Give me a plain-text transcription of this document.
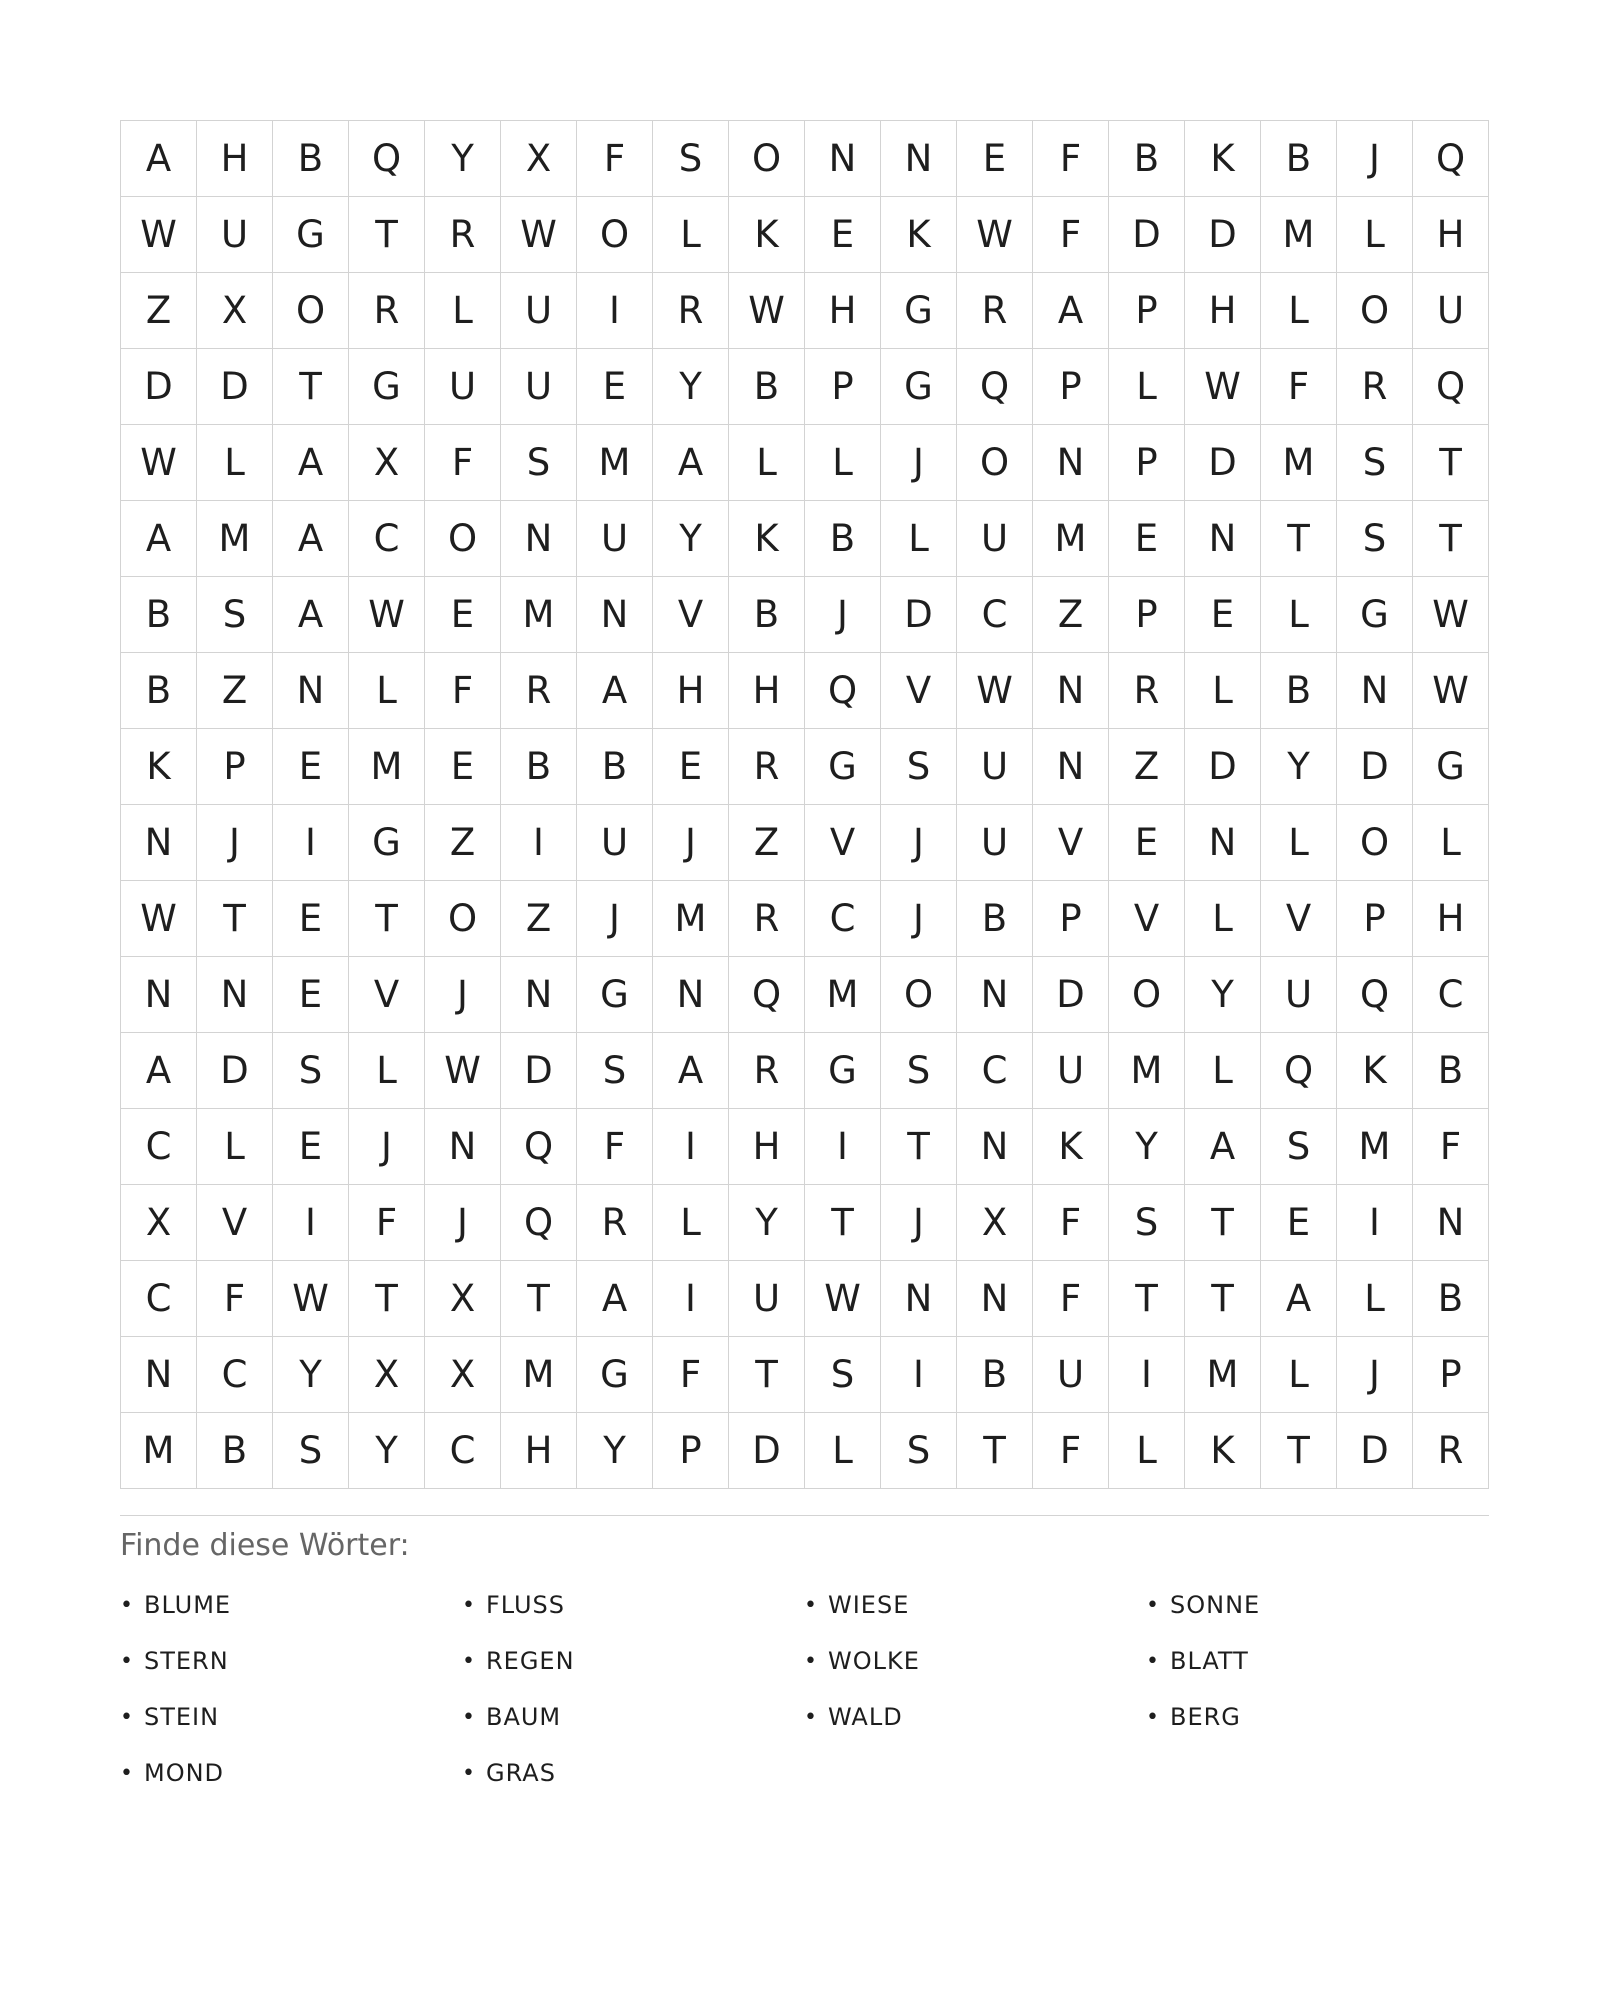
A	H	B	Q	Y	X	F	S	O	N	N	E	F	B	K	B	J	Q
W	U	G	T	R	W	O	L	K	E	K	W	F	D	D	M	L	H
Z	X	O	R	L	U	I	R	W	H	G	R	A	P	H	L	O	U
D	D	T	G	U	U	E	Y	B	P	G	Q	P	L	W	F	R	Q
W	L	A	X	F	S	M	A	L	L	J	O	N	P	D	M	S	T
A	M	A	C	O	N	U	Y	K	B	L	U	M	E	N	T	S	T
B	S	A	W	E	M	N	V	B	J	D	C	Z	P	E	L	G	W
B	Z	N	L	F	R	A	H	H	Q	V	W	N	R	L	B	N	W
K	P	E	M	E	B	B	E	R	G	S	U	N	Z	D	Y	D	G
N	J	I	G	Z	I	U	J	Z	V	J	U	V	E	N	L	O	L
W	T	E	T	O	Z	J	M	R	C	J	B	P	V	L	V	P	H
N	N	E	V	J	N	G	N	Q	M	O	N	D	O	Y	U	Q	C
A	D	S	L	W	D	S	A	R	G	S	C	U	M	L	Q	K	B
C	L	E	J	N	Q	F	I	H	I	T	N	K	Y	A	S	M	F
X	V	I	F	J	Q	R	L	Y	T	J	X	F	S	T	E	I	N
C	F	W	T	X	T	A	I	U	W	N	N	F	T	T	A	L	B
N	C	Y	X	X	M	G	F	T	S	I	B	U	I	M	L	J	P
M	B	S	Y	C	H	Y	P	D	L	S	T	F	L	K	T	D	R
Finde diese Wörter:
• BLUME	• FLUSS	• WIESE	• SONNE
• STERN	• REGEN	• WOLKE	• BLATT
• STEIN	• BAUM	• WALD	• BERG
• MOND	• GRAS
